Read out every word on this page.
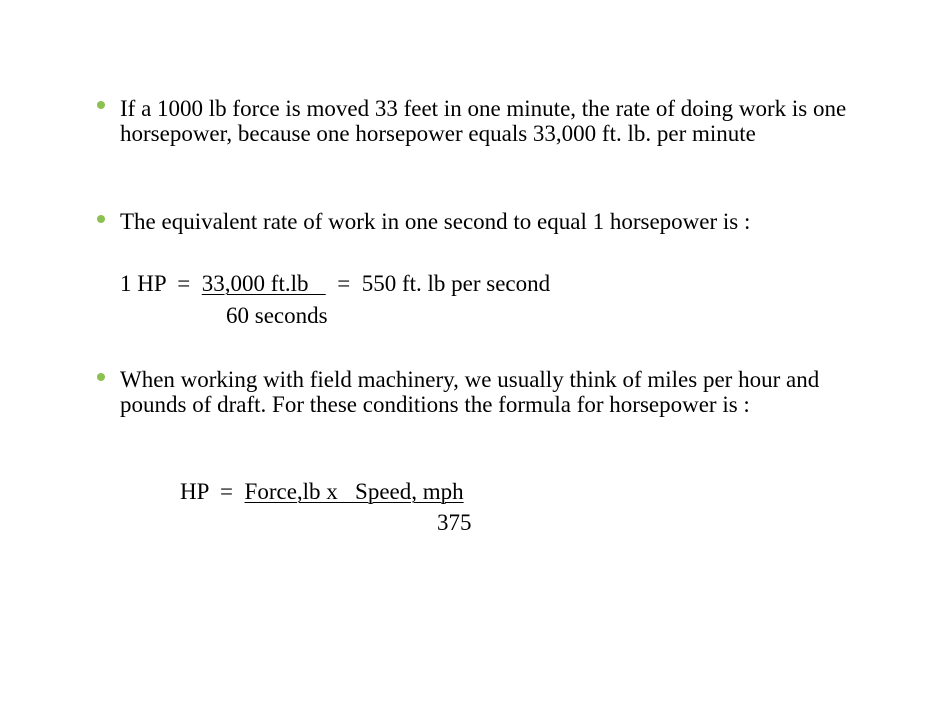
If a 1000 lb force is moved 33 feet in one minute, the rate of doing work is one horsepower, because one horsepower equals 33,000 ft. lb. per minute
The equivalent rate of work in one second to equal 1 horsepower is :
1 HP  =  33,000 ft.lb     =  550 ft. lb per second
60 seconds
When working with field machinery, we usually think of miles per hour and pounds of draft. For these conditions the formula for horsepower is :
HP  =  Force,lb x   Speed, mph
375
